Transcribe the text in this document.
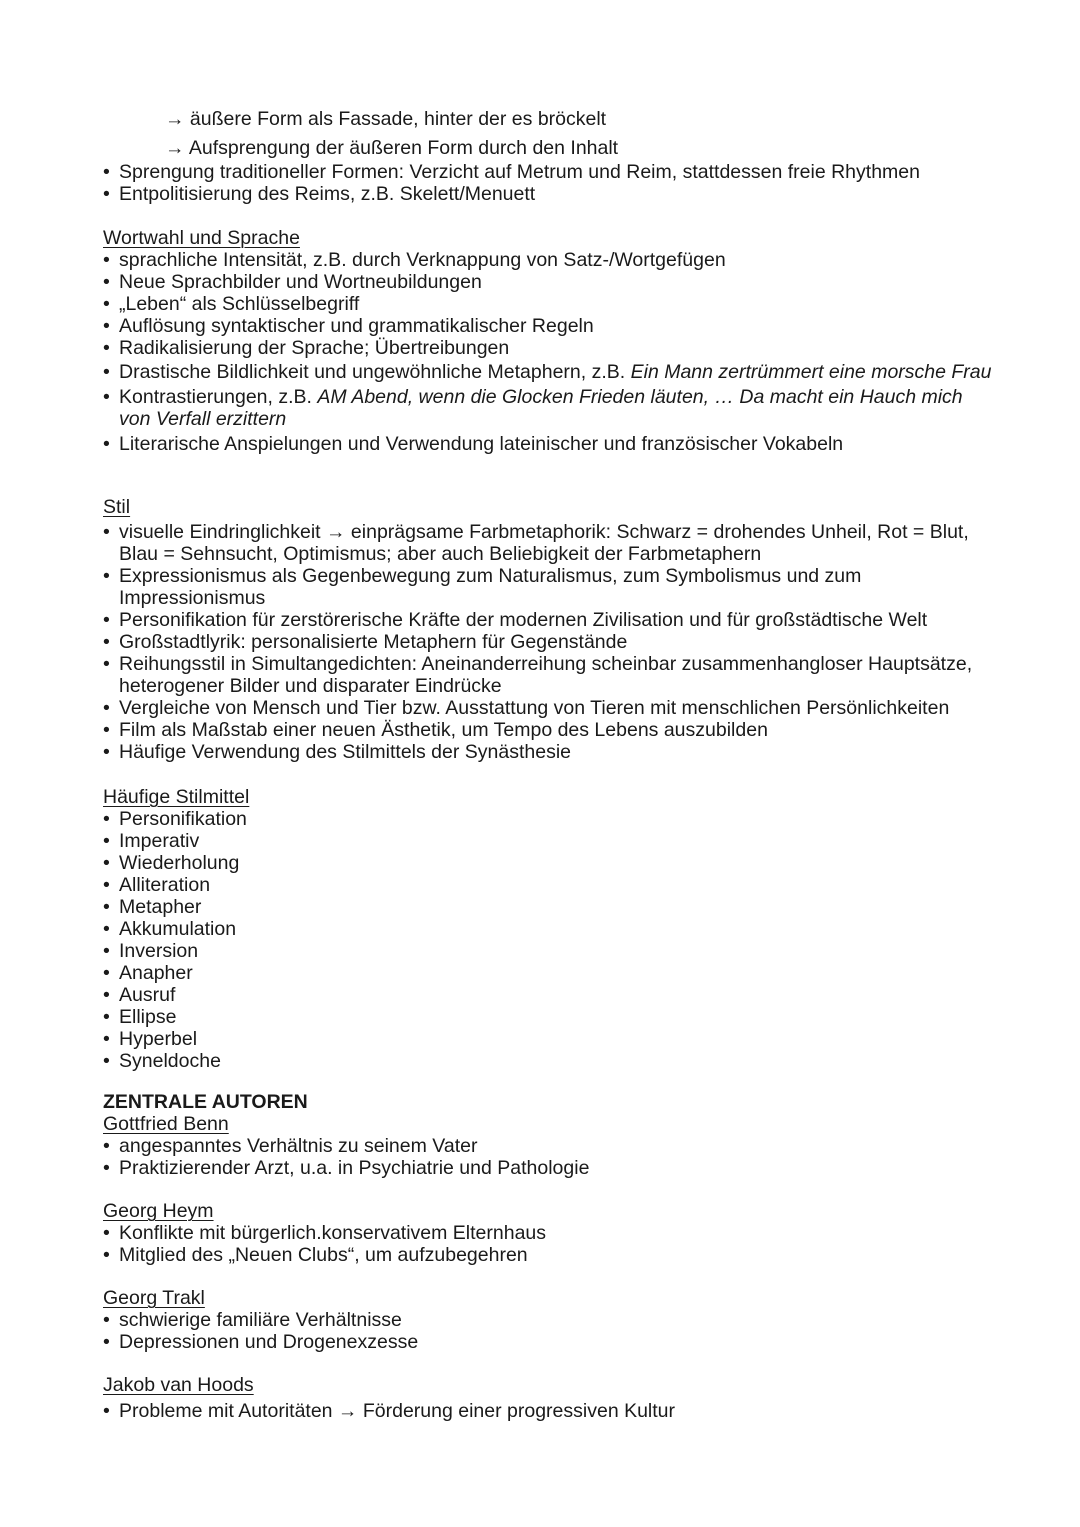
→ äußere Form als Fassade, hinter der es bröckelt
→ Aufsprengung der äußeren Form durch den Inhalt
• Sprengung traditioneller Formen: Verzicht auf Metrum und Reim, stattdessen freie Rhythmen
• Entpolitisierung des Reims, z.B. Skelett/Menuett
Wortwahl und Sprache
• sprachliche Intensität, z.B. durch Verknappung von Satz-/Wortgefügen
• Neue Sprachbilder und Wortneubildungen
• „Leben“ als Schlüsselbegriff
• Auflösung syntaktischer und grammatikalischer Regeln
• Radikalisierung der Sprache; Übertreibungen
• Drastische Bildlichkeit und ungewöhnliche Metaphern, z.B. Ein Mann zertrümmert eine morsche Frau
• Kontrastierungen, z.B. AM Abend, wenn die Glocken Frieden läuten, … Da macht ein Hauch mich von Verfall erzittern
• Literarische Anspielungen und Verwendung lateinischer und französischer Vokabeln
Stil
• visuelle Eindringlichkeit → einprägsame Farbmetaphorik: Schwarz = drohendes Unheil, Rot = Blut, Blau = Sehnsucht, Optimismus; aber auch Beliebigkeit der Farbmetaphern
• Expressionismus als Gegenbewegung zum Naturalismus, zum Symbolismus und zum Impressionismus
• Personifikation für zerstörerische Kräfte der modernen Zivilisation und für großstädtische Welt
• Großstadtlyrik: personalisierte Metaphern für Gegenstände
• Reihungsstil in Simultangedichten: Aneinanderreihung scheinbar zusammenhangloser Hauptsätze, heterogener Bilder und disparater Eindrücke
• Vergleiche von Mensch und Tier bzw. Ausstattung von Tieren mit menschlichen Persönlichkeiten
• Film als Maßstab einer neuen Ästhetik, um Tempo des Lebens auszubilden
• Häufige Verwendung des Stilmittels der Synästhesie
Häufige Stilmittel
• Personifikation
• Imperativ
• Wiederholung
• Alliteration
• Metapher
• Akkumulation
• Inversion
• Anapher
• Ausruf
• Ellipse
• Hyperbel
• Syneldoche
ZENTRALE AUTOREN
Gottfried Benn
• angespanntes Verhältnis zu seinem Vater
• Praktizierender Arzt, u.a. in Psychiatrie und Pathologie
Georg Heym
• Konflikte mit bürgerlich.konservativem Elternhaus
• Mitglied des „Neuen Clubs“, um aufzubegehren
Georg Trakl
• schwierige familiäre Verhältnisse
• Depressionen und Drogenexzesse
Jakob van Hoods
• Probleme mit Autoritäten → Förderung einer progressiven Kultur
